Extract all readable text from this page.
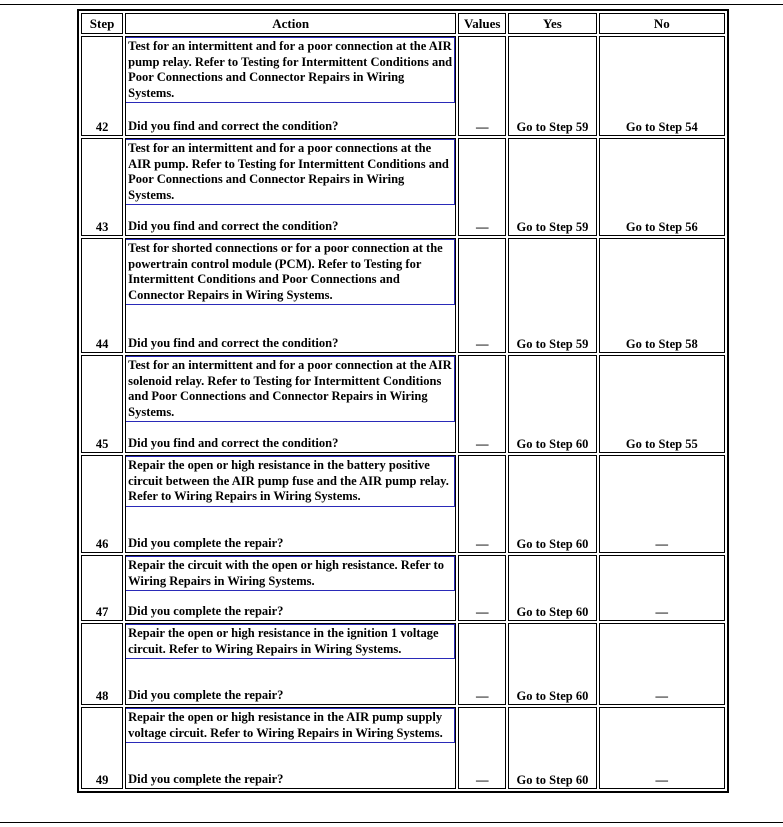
Step	Action	Values	Yes	No
42	Test for an intermittent and for a poor connection at the AIR pump relay. Refer to Testing for Intermittent Conditions and Poor Connections and Connector Repairs in Wiring Systems.
Did you find and correct the condition?	—	Go to Step 59	Go to Step 54
43	Test for an intermittent and for a poor connections at the AIR pump. Refer to Testing for Intermittent Conditions and Poor Connections and Connector Repairs in Wiring Systems.
Did you find and correct the condition?	—	Go to Step 59	Go to Step 56
44	Test for shorted connections or for a poor connection at the powertrain control module (PCM). Refer to Testing for Intermittent Conditions and Poor Connections and Connector Repairs in Wiring Systems.
Did you find and correct the condition?	—	Go to Step 59	Go to Step 58
45	Test for an intermittent and for a poor connection at the AIR solenoid relay. Refer to Testing for Intermittent Conditions and Poor Connections and Connector Repairs in Wiring Systems.
Did you find and correct the condition?	—	Go to Step 60	Go to Step 55
46	Repair the open or high resistance in the battery positive circuit between the AIR pump fuse and the AIR pump relay. Refer to Wiring Repairs in Wiring Systems.
Did you complete the repair?	—	Go to Step 60	—
47	Repair the circuit with the open or high resistance. Refer to Wiring Repairs in Wiring Systems.
Did you complete the repair?	—	Go to Step 60	—
48	Repair the open or high resistance in the ignition 1 voltage circuit. Refer to Wiring Repairs in Wiring Systems.
Did you complete the repair?	—	Go to Step 60	—
49	Repair the open or high resistance in the AIR pump supply voltage circuit. Refer to Wiring Repairs in Wiring Systems.
Did you complete the repair?	—	Go to Step 60	—
